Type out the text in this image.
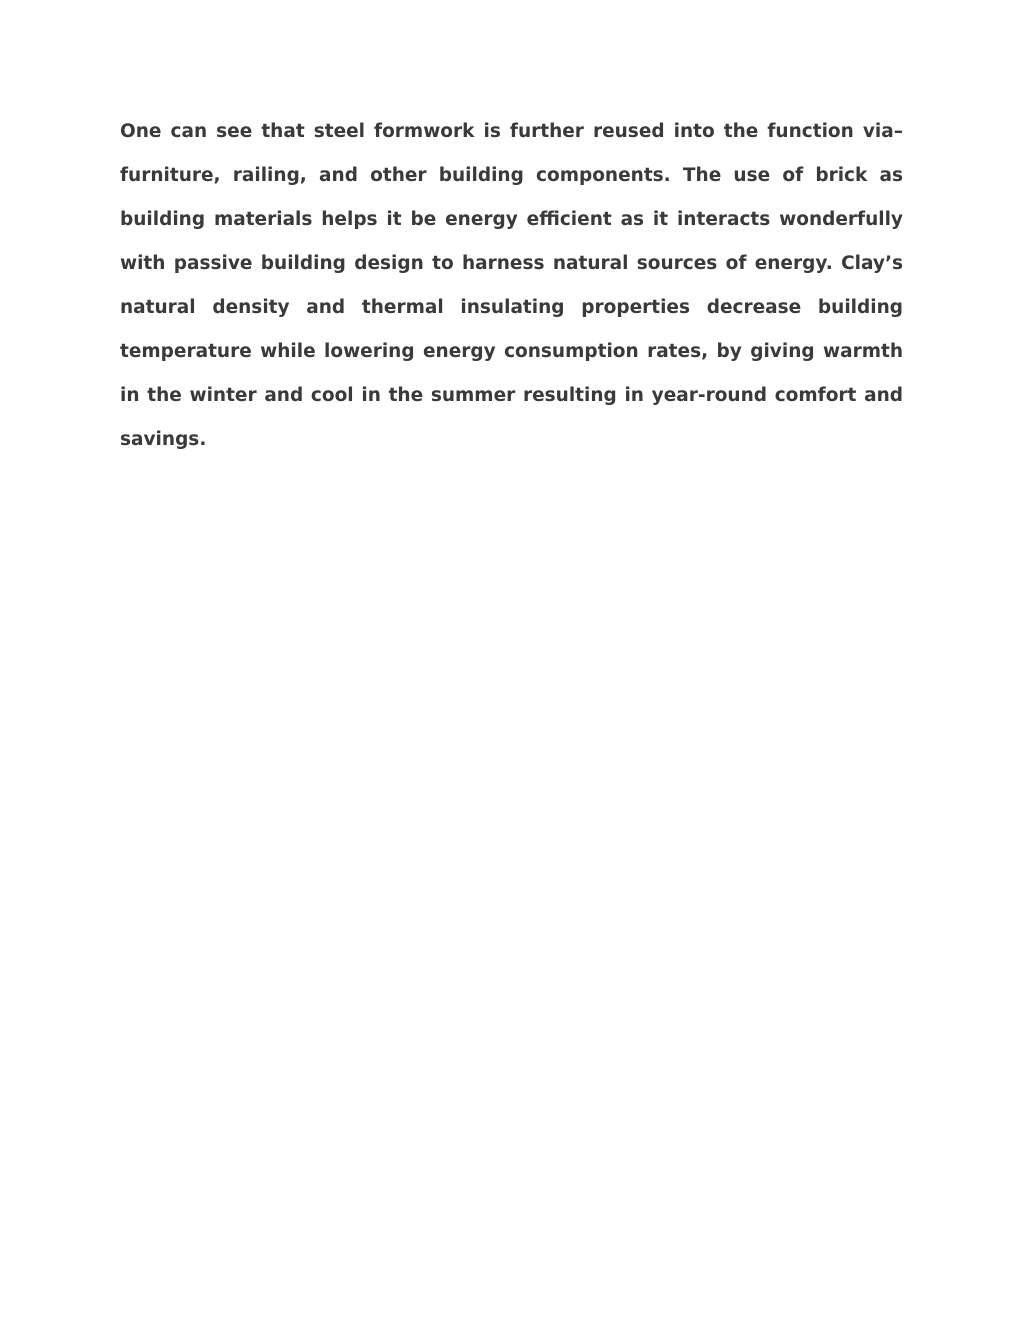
One can see that steel formwork is further reused into the function via–furniture, railing, and other building components. The use of brick as building materials helps it be energy efficient as it interacts wonderfully with passive building design to harness natural sources of energy. Clay’s natural density and thermal insulating properties decrease building temperature while lowering energy consumption rates, by giving warmth in the winter and cool in the summer resulting in year-round comfort and savings.
